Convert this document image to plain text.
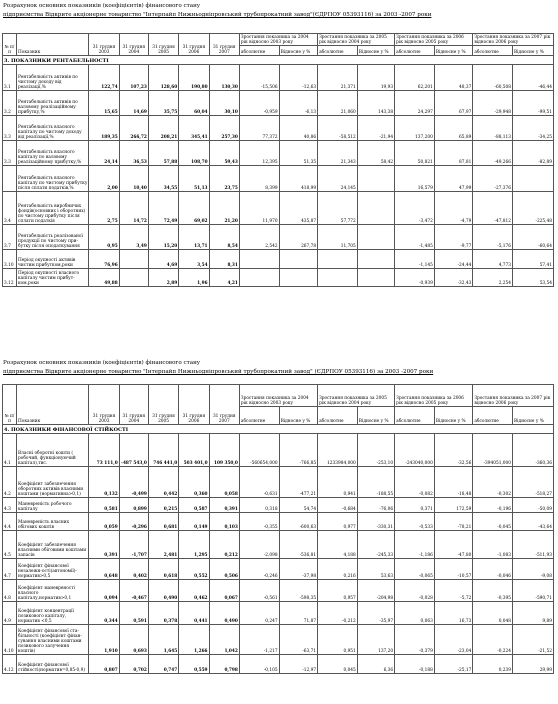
Розрахунок основних показників (коефіцієнтів) фінансового стану
підприємства Відкрите акціонерне товариство "Інтерпайп Нижньодніпровський трубопрокатний завод"(ЄДРПОУ 05393116) за 2003 -2007 роки
№ п/п	Показник	31 грудня 2003	31 грудня 2004	31 грудня 2005	31 грудня 2006	31 грудня 2007	Зростання показника за 2004 рік відносно 2003 року		Зростання показника за 2005 рік відносно 2004 року		Зростання показника за 2006 рік відносно 2005 року		Зростання показника за 2007 рік відносно 2006 року	
							абсолютне	Відносне у %	абсолютне	Відносне у %	абсолютне	Відносне у %	абсолютне	Відносне у %
3. ПОКАЗНИКИ РЕНТАБЕЛЬНОСТІ														
3.1	Рентабельність активів по чистому доходу від реалізації,%	122,74	107,23	128,60	190,80	130,30	-15,506	-12,63	21,371	19,93	62,201	48,37	-60,508	-46,44
3.2	Рентабельність активів по валовому реалізаційному прибутку,%	15,65	14,69	35,75	60,04	30,10	-0,959	-6,13	21,060	143,38	24,297	67,97	-29,948	-99,51
3.3	Рентабельність власного капіталу по чистому доходу від реалізації,%	189,35	266,72	208,21	345,41	257,30	77,372	40,86	-58,512	-21,94	137,200	65,89	-88,113	-34,25
3.3	Рентабельність власного капіталу по валовому реалізаційному прибутку,%	24,14	36,53	57,88	108,70	59,43	12,395	51,35	21,343	58,42	50,821	87,81	-49,266	-82,89
	Рентабельність власного капіталу по чистому прибутку після сплати податків,%	2,00	10,40	34,55	51,13	23,75	8,399	418,99	24,145		16,579	47,99	-27,376	
3.4	Рентабельність виробничих фондів(основних і оборотних) по чистому прибутку після сплати податків	2,75	14,72	72,49	69,02	21,20	11,970	435,87	57,772		-3,472	-4,79	-47,812	-225,48
3.7	Рентабельність реалізованої продукції по чистому при-бутку після оподаткування	0,95	3,49	15,20	13,71	8,54	2,542	267,78	11,705		-1,485	-9,77	-5,176	-60,64
3.10	Період окупності активів чистим прибутком,роки	76,96		4,69	3,54	8,31					-1,145	-24,44	4,773	57,41
3.12	Період окупності власного капіталу чистим прибут-ком,роки	49,88		2,89	1,96	4,21					-0,939	-32,43	2,254	53,54
Розрахунок основних показників (коефіцієнтів) фінансового стану
підприємства Відкрите акціонерне товариство "Інтерпайп Нижньодніпровський трубопрокатний завод" (ЄДРПОУ 05393116) за 2003 -2007 роки
№ п/п	Показник	31 грудня 2003	31 грудня 2004	31 грудня 2005	31 грудня 2006	31 грудня 2007	Зростання показника за 2004 рік відносно 2003 року		Зростання показника за 2005 рік відносно 2004 року		Зростання показника за 2006 рік відносно 2005 року		Зростання показника за 2007 рік відносно 2006 року	
							абсолютне	Відносне у %	абсолютне	Відносне у %	абсолютне	Відносне у %	абсолютне	Відносне у %
4. ПОКАЗНИКИ ФІНАНСОВОЇ СТІЙКОСТІ														
4.1	Власні оборотні кошти ( робочий, функціонуючий капітал),тис.	73 111,0	-487 543,0	746 441,0	503 401,0	109 350,0	-560654,000	-766,85	1233984,000	-253,10	-243040,000	-32,56	-394051,000	-360,36
4.2	Коефіцієнт забезпечення оборотних активів власними коштами (нормативна>0,1)	0,132	-0,499	0,442	0,360	0,058	-0,631	-477,21	0,941	-188,55	-0,082	-18,48	-0,302	-518,27
4.3	Маневреність робочого капіталу	0,581	0,899	0,215	0,587	0,391	0,318	54,74	-0,684	-76,06	0,371	172,59	-0,196	-50,09
4.4	Маневреність власних обігових коштів	0,059	-0,296	0,681	0,149	0,103	-0,355	-600,63	0,977	-330,31	-0,533	-78,21	-0,045	-43,64
4.5	Коефіцієнт забезпечення власними обіговими коштами запасів	0,391	-1,707	2,481	1,295	0,212	-2,098	-536,81	4,188	-245,33	-1,186	-47,80	-1,083	-511,93
4.7	Коефіцієнт фінансової незалежн-ості(автономії)-норматив>0,5	0,648	0,402	0,618	0,552	0,506	-0,246	-37,98	0,216	53,63	-0,065	-10,57	-0,046	-9,08
4.8	Коефіцієнт маневреності власного капіталу,норматив>0,1	0,094	-0,467	0,490	0,462	0,067	-0,561	-598,35	0,957	-204,98	-0,028	-5,72	-0,395	-590,71
4.9	Коефіцієнт концентрації позикового капіталу, норматив <0,5	0,344	0,591	0,378	0,441	0,490	0,247	71,87	-0,212	-35,97	0,063	16,73	0,048	9,89
4.10	Коефіцієнт фінансової ста-більності (коефіцієнт фінан-сування власними коштами позикового залучення коштів)	1,910	0,693	1,645	1,266	1,042	-1,217	-63,71	0,951	137,20	-0,379	-23,04	-0,224	-21,52
4.12	Коефіцієнт фінансової стійкості(норматив=0,85-0,9)	0,807	0,702	0,747	0,559	0,798	-0,105	-12,97	0,045	6,36	-0,188	-25,17	0,239	29,99
